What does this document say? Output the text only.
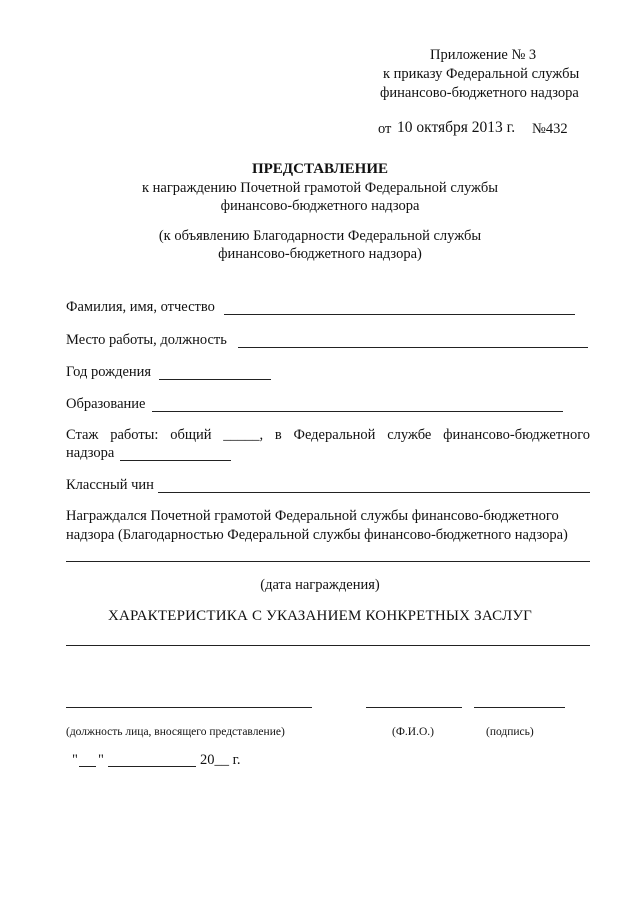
Приложение № 3
к приказу Федеральной службы
финансово-бюджетного надзора
от 10 октября 2013 г. №432
ПРЕДСТАВЛЕНИЕ
к награждению Почетной грамотой Федеральной службы
финансово-бюджетного надзора
(к объявлению Благодарности Федеральной службы
финансово-бюджетного надзора)
Фамилия, имя, отчество
Место работы, должность
Год рождения
Образование
Стаж работы: общий _____, в Федеральной службе финансово-бюджетного
надзора
Классный чин
Награждался Почетной грамотой Федеральной службы финансово-бюджетного
надзора (Благодарностью Федеральной службы финансово-бюджетного надзора)
(дата награждения)
ХАРАКТЕРИСТИКА С УКАЗАНИЕМ КОНКРЕТНЫХ ЗАСЛУГ
(должность лица, вносящего представление)	(Ф.И.О.)	(подпись)
" "	20__ г.
